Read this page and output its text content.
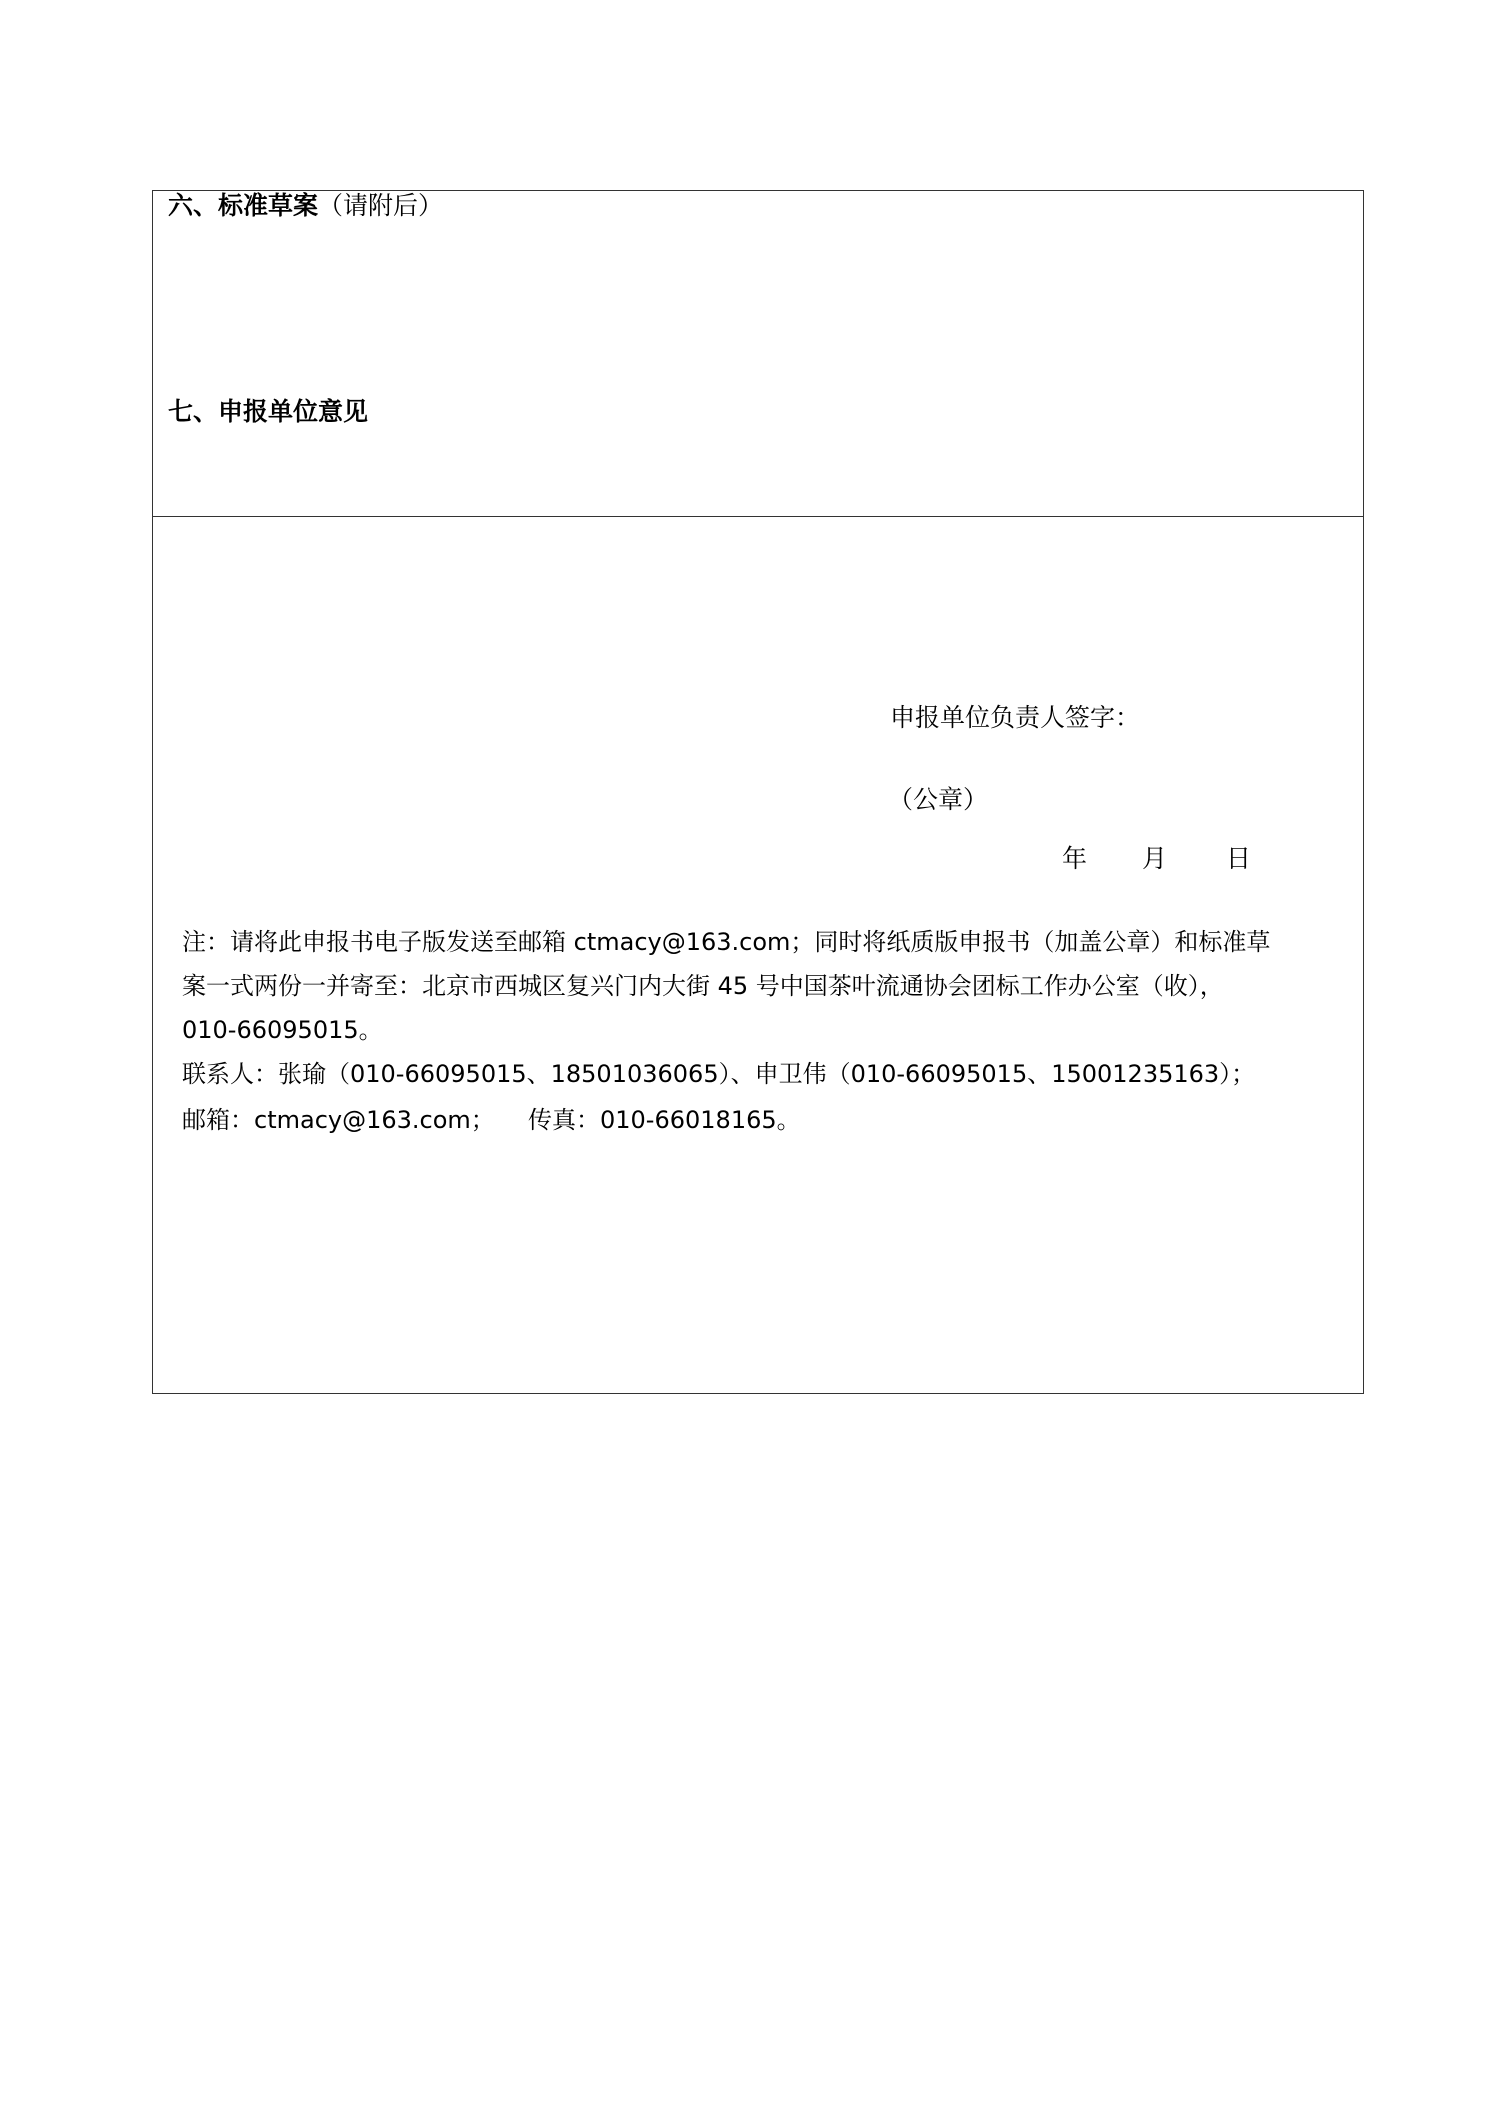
六、标准草案（请附后）
七、申报单位意见
申报单位负责人签字：
（公章）
年 月 日
注：请将此申报书电子版发送至邮箱 ctmacy@163.com；同时将纸质版申报书（加盖公章）和标准草
案一式两份一并寄至：北京市西城区复兴门内大街 45 号中国茶叶流通协会团标工作办公室（收），
010-66095015。
联系人：张瑜（010-66095015、18501036065）、申卫伟（010-66095015、15001235163）；
邮箱：ctmacy@163.com； 传真：010-66018165。
